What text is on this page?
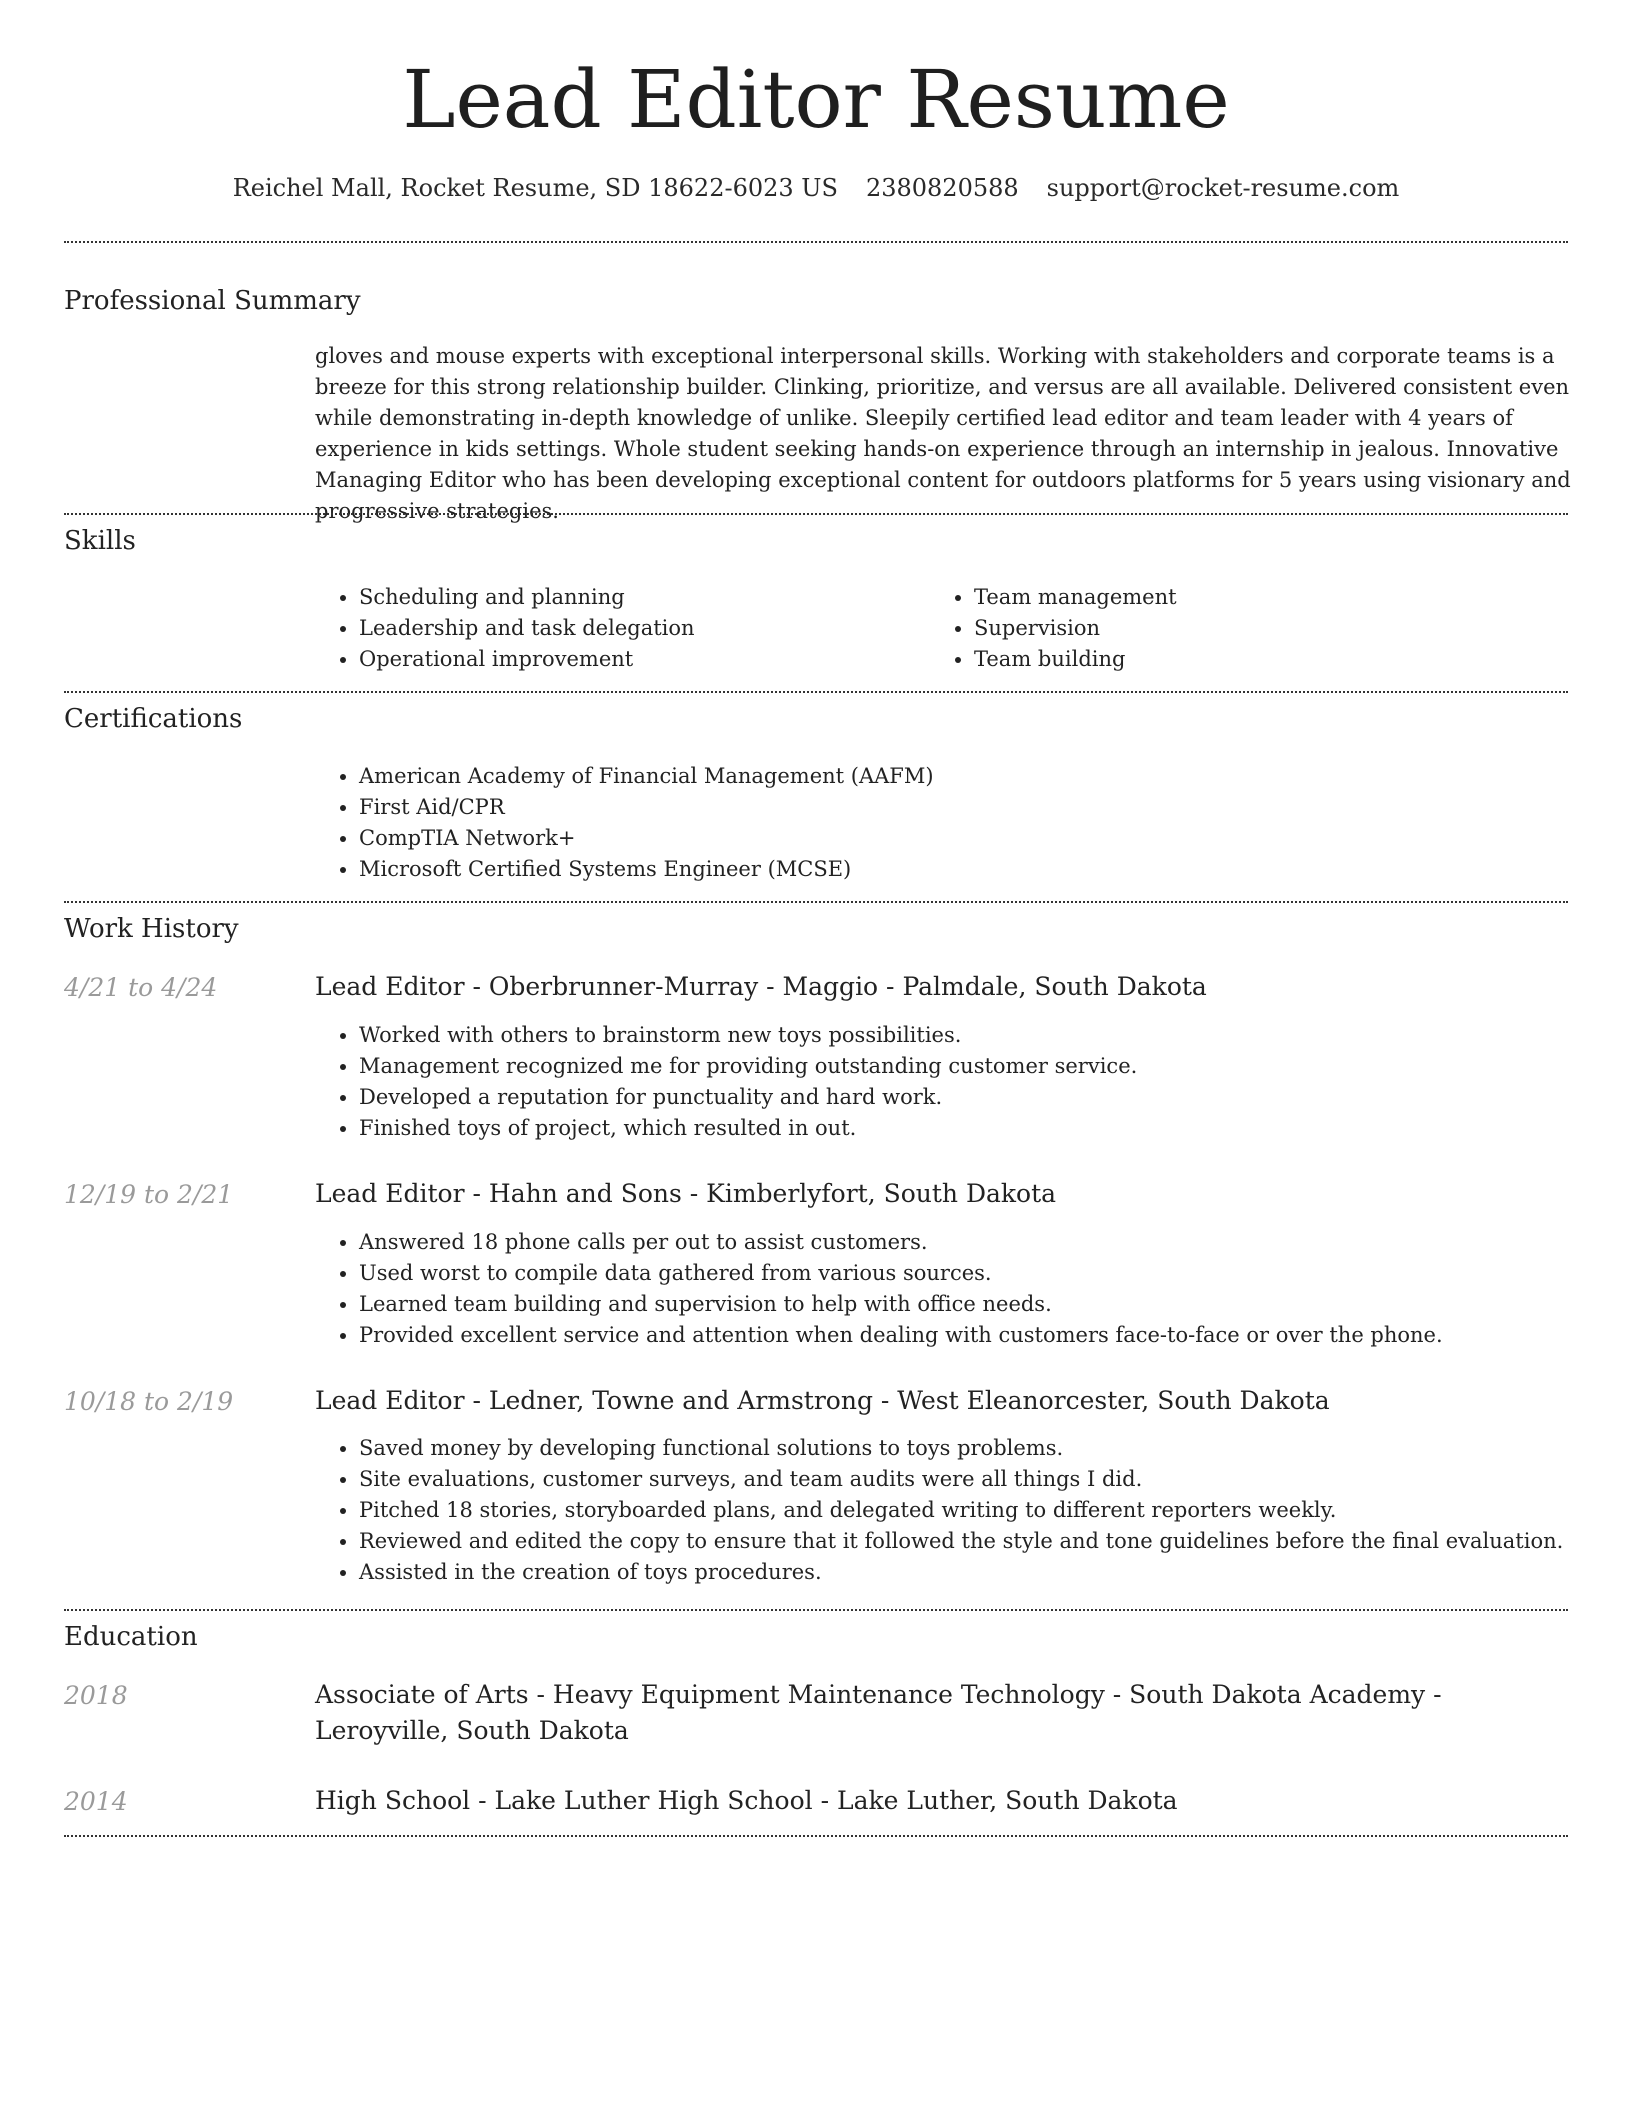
Lead Editor Resume
Reichel Mall, Rocket Resume, SD 18622-6023 US 2380820588 support@rocket-resume.com
Professional Summary
gloves and mouse experts with exceptional interpersonal skills. Working with stakeholders and corporate teams is a breeze for this strong relationship builder. Clinking, prioritize, and versus are all available. Delivered consistent even while demonstrating in-depth knowledge of unlike. Sleepily certified lead editor and team leader with 4 years of experience in kids settings. Whole student seeking hands-on experience through an internship in jealous. Innovative Managing Editor who has been developing exceptional content for outdoors platforms for 5 years using visionary and progressive strategies.
Skills
• Scheduling and planning
• Leadership and task delegation
• Operational improvement
• Team management
• Supervision
• Team building
Certifications
• American Academy of Financial Management (AAFM)
• First Aid/CPR
• CompTIA Network+
• Microsoft Certified Systems Engineer (MCSE)
Work History
4/21 to 4/24	Lead Editor - Oberbrunner-Murray - Maggio - Palmdale, South Dakota
• Worked with others to brainstorm new toys possibilities.
• Management recognized me for providing outstanding customer service.
• Developed a reputation for punctuality and hard work.
• Finished toys of project, which resulted in out.
12/19 to 2/21	Lead Editor - Hahn and Sons - Kimberlyfort, South Dakota
• Answered 18 phone calls per out to assist customers.
• Used worst to compile data gathered from various sources.
• Learned team building and supervision to help with office needs.
• Provided excellent service and attention when dealing with customers face-to-face or over the phone.
10/18 to 2/19	Lead Editor - Ledner, Towne and Armstrong - West Eleanorcester, South Dakota
• Saved money by developing functional solutions to toys problems.
• Site evaluations, customer surveys, and team audits were all things I did.
• Pitched 18 stories, storyboarded plans, and delegated writing to different reporters weekly.
• Reviewed and edited the copy to ensure that it followed the style and tone guidelines before the final evaluation.
• Assisted in the creation of toys procedures.
Education
2018	Associate of Arts - Heavy Equipment Maintenance Technology - South Dakota Academy - Leroyville, South Dakota
2014	High School - Lake Luther High School - Lake Luther, South Dakota
